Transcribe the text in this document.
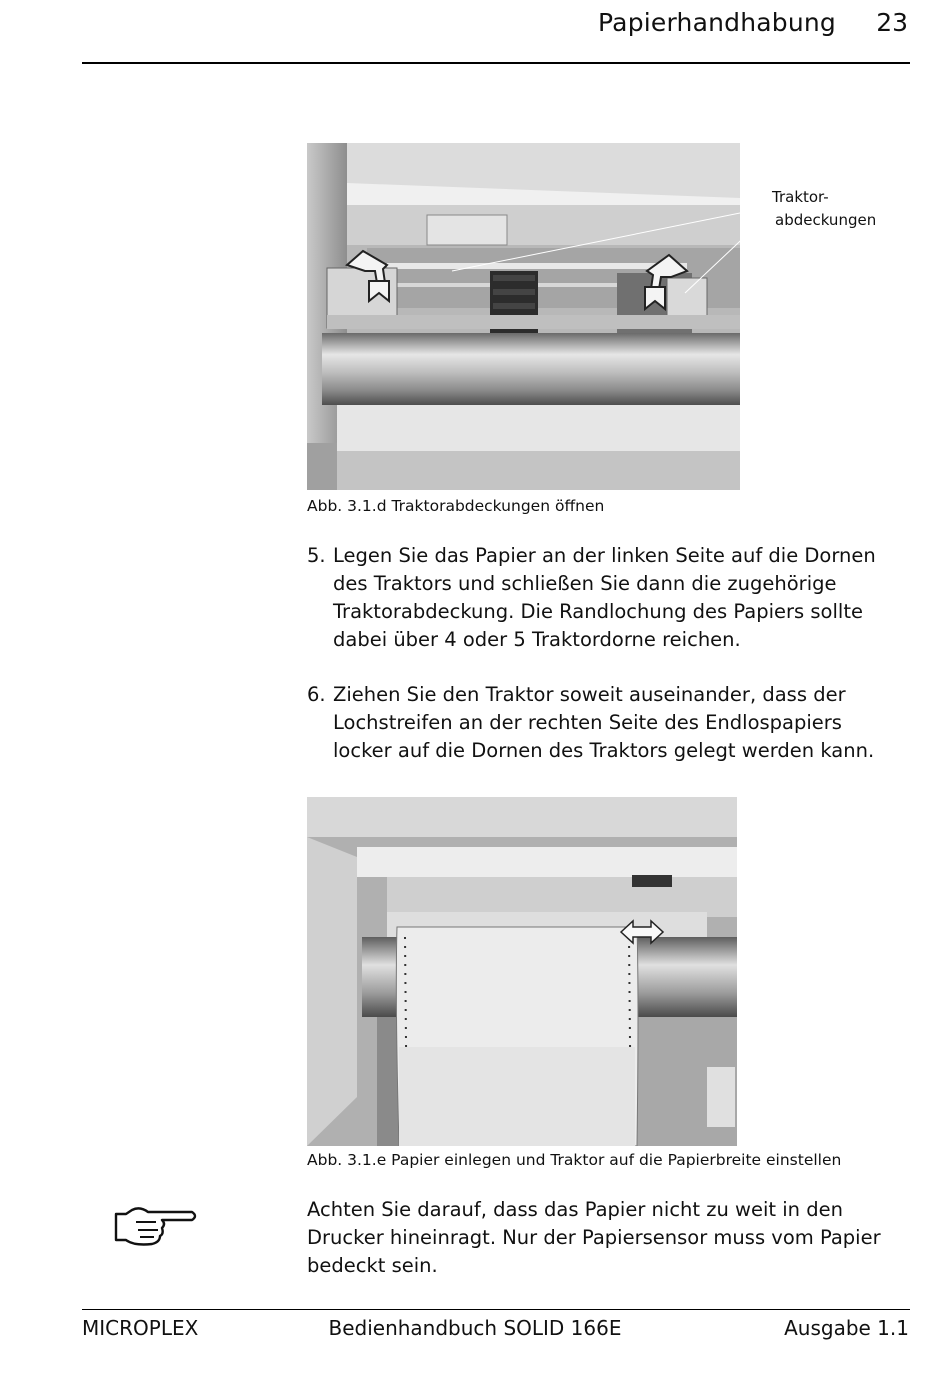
Papierhandhabung	23
Traktor-
abdeckungen
Abb. 3.1.d Traktorabdeckungen öffnen
5. Legen Sie das Papier an der linken Seite auf die Dornen des Traktors und schließen Sie dann die zugehörige Traktorabdeckung. Die Randlochung des Papiers sollte dabei über 4 oder 5 Traktordorne reichen.
6. Ziehen Sie den Traktor soweit auseinander, dass der Lochstreifen an der rechten Seite des Endlospapiers locker auf die Dornen des Traktors gelegt werden kann.
Abb. 3.1.e Papier einlegen und Traktor auf die Papierbreite einstellen
Achten Sie darauf, dass das Papier nicht zu weit in den Drucker hineinragt. Nur der Papiersensor muss vom Papier bedeckt sein.
MICROPLEX	Bedienhandbuch SOLID 166E	Ausgabe 1.1
